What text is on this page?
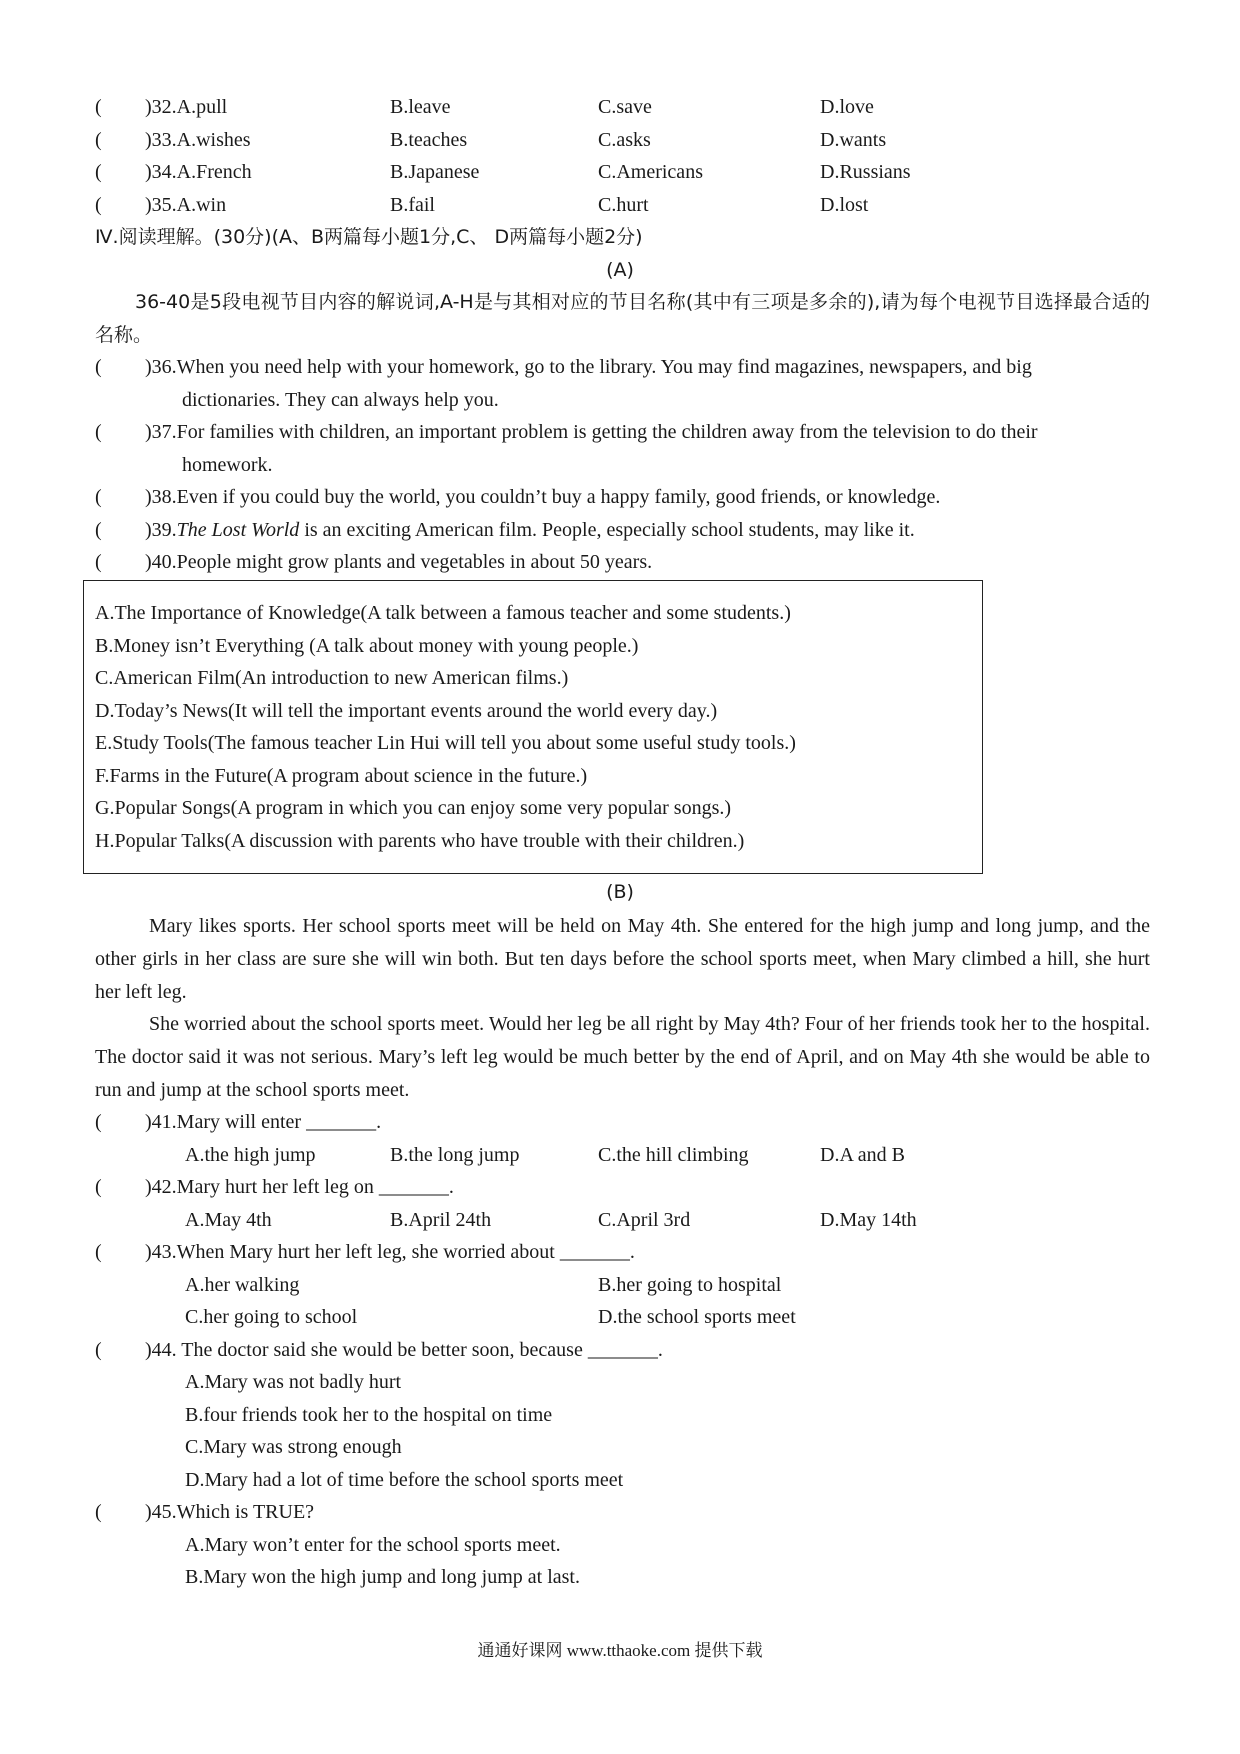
( )32.A.pull	B.leave	C.save	D.love
( )33.A.wishes	B.teaches	C.asks	D.wants
( )34.A.French	B.Japanese	C.Americans	D.Russians
( )35.A.win	B.fail	C.hurt	D.lost
Ⅳ.阅读理解。(30分)(A、B两篇每小题1分,C、 D两篇每小题2分)
(A)
36-40是5段电视节目内容的解说词,A-H是与其相对应的节目名称(其中有三项是多余的),请为每个电视节目选择最合适的名称。
( )36.When you need help with your homework, go to the library. You may find magazines, newspapers, and big
dictionaries. They can always help you.
( )37.For families with children, an important problem is getting the children away from the television to do their
homework.
( )38.Even if you could buy the world, you couldn’t buy a happy family, good friends, or knowledge.
( )39.The Lost World is an exciting American film. People, especially school students, may like it.
( )40.People might grow plants and vegetables in about 50 years.
A.The Importance of Knowledge(A talk between a famous teacher and some students.)
B.Money isn’t Everything (A talk about money with young people.)
C.American Film(An introduction to new American films.)
D.Today’s News(It will tell the important events around the world every day.)
E.Study Tools(The famous teacher Lin Hui will tell you about some useful study tools.)
F.Farms in the Future(A program about science in the future.)
G.Popular Songs(A program in which you can enjoy some very popular songs.)
H.Popular Talks(A discussion with parents who have trouble with their children.)
(B)
Mary likes sports. Her school sports meet will be held on May 4th. She entered for the high jump and long jump, and the other girls in her class are sure she will win both. But ten days before the school sports meet, when Mary climbed a hill, she hurt her left leg.
She worried about the school sports meet. Would her leg be all right by May 4th? Four of her friends took her to the hospital. The doctor said it was not serious. Mary’s left leg would be much better by the end of April, and on May 4th she would be able to run and jump at the school sports meet.
( )41.Mary will enter _______.
A.the high jump	B.the long jump	C.the hill climbing	D.A and B
( )42.Mary hurt her left leg on _______.
A.May 4th	B.April 24th	C.April 3rd	D.May 14th
( )43.When Mary hurt her left leg, she worried about _______.
A.her walking	B.her going to hospital
C.her going to school	D.the school sports meet
( )44. The doctor said she would be better soon, because _______.
A.Mary was not badly hurt
B.four friends took her to the hospital on time
C.Mary was strong enough
D.Mary had a lot of time before the school sports meet
( )45.Which is TRUE?
A.Mary won’t enter for the school sports meet.
B.Mary won the high jump and long jump at last.
通通好课网 www.tthaoke.com 提供下载
